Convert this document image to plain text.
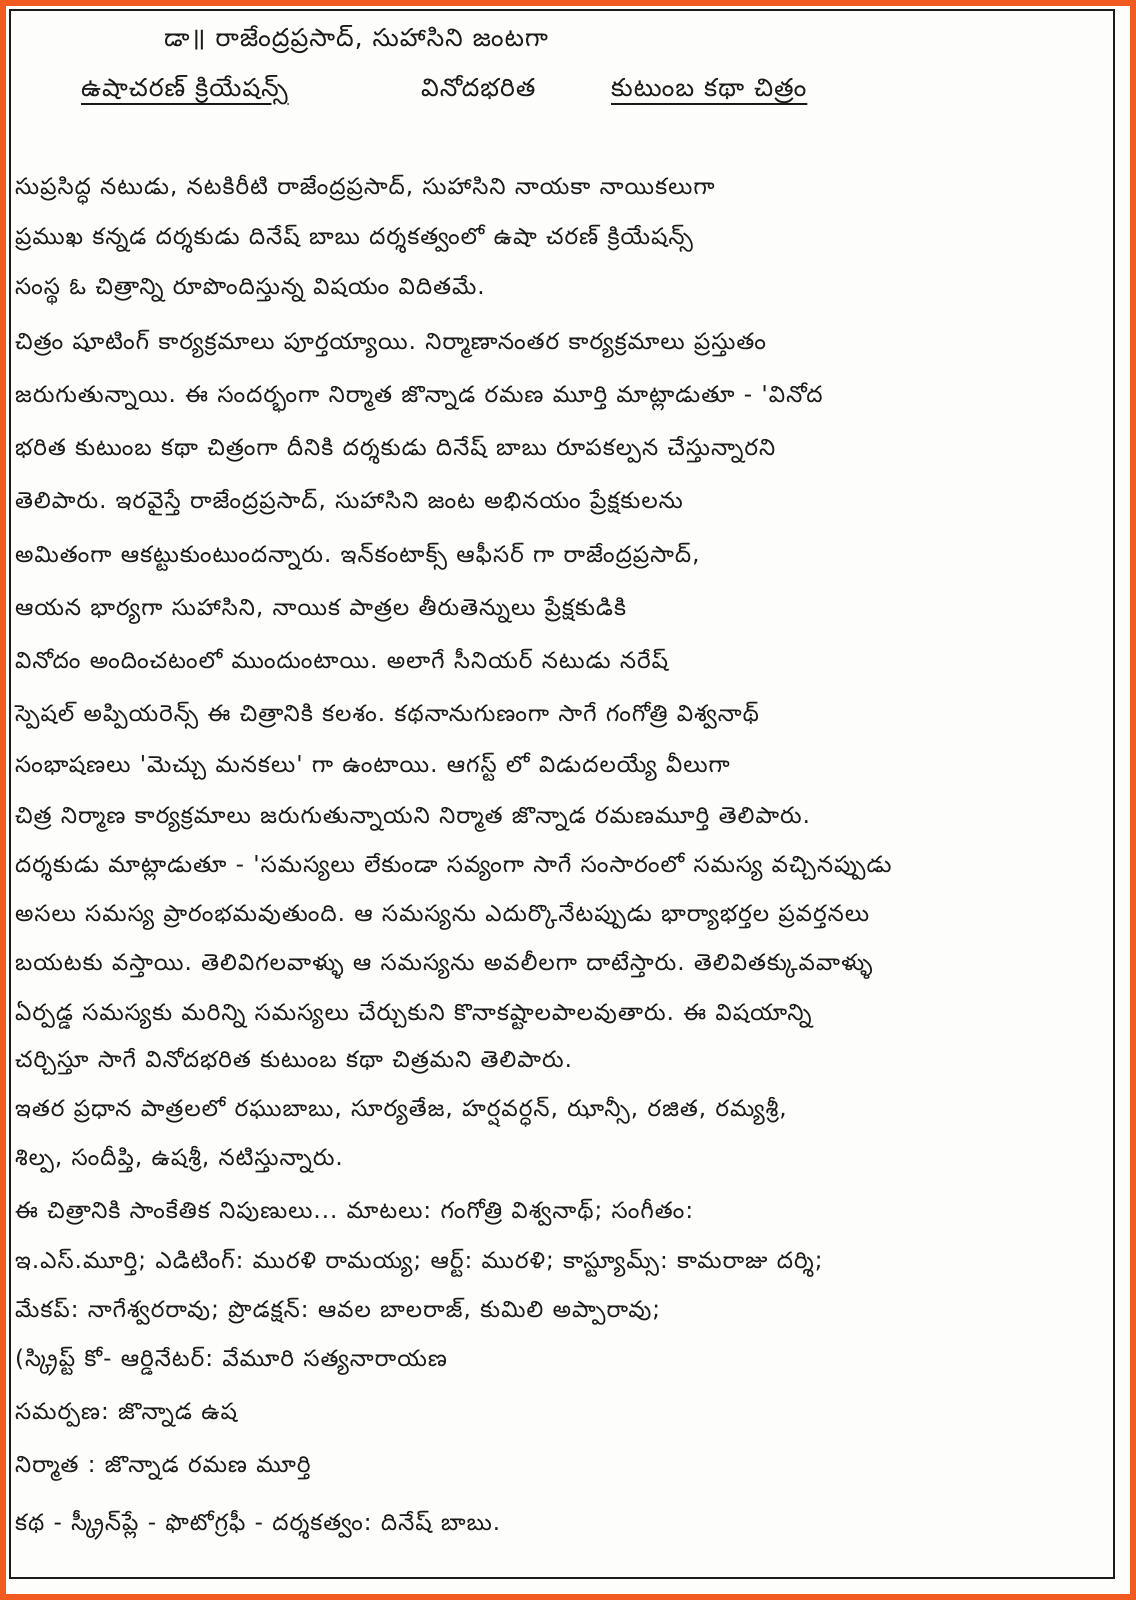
డా॥ రాజేంద్రప్రసాద్, సుహాసిని జంటగా
ఉషాచరణ్ క్రియేషన్స్	వినోదభరిత	కుటుంబ కథా చిత్రం
సుప్రసిద్ధ నటుడు, నటకిరీటి రాజేంద్రప్రసాద్, సుహాసిని నాయకా నాయికలుగా
ప్రముఖ కన్నడ దర్శకుడు దినేష్ బాబు దర్శకత్వంలో ఉషా చరణ్ క్రియేషన్స్
సంస్థ ఓ చిత్రాన్ని రూపొందిస్తున్న విషయం విదితమే.
చిత్రం షూటింగ్ కార్యక్రమాలు పూర్తయ్యాయి. నిర్మాణానంతర కార్యక్రమాలు ప్రస్తుతం
జరుగుతున్నాయి. ఈ సందర్భంగా నిర్మాత జొన్నాడ రమణ మూర్తి మాట్లాడుతూ - 'వినోద
భరిత కుటుంబ కథా చిత్రంగా దీనికి దర్శకుడు దినేష్ బాబు రూపకల్పన చేస్తున్నారని
తెలిపారు. ఇరవైస్తే రాజేంద్రప్రసాద్, సుహాసిని జంట అభినయం ప్రేక్షకులను
అమితంగా ఆకట్టుకుంటుందన్నారు. ఇన్‌కంటాక్స్ ఆఫీసర్ గా రాజేంద్రప్రసాద్,
ఆయన భార్యగా సుహాసిని, నాయిక పాత్రల తీరుతెన్నులు ప్రేక్షకుడికి
వినోదం అందించటంలో ముందుంటాయి. అలాగే సీనియర్ నటుడు నరేష్
స్పెషల్ అప్పియరెన్స్ ఈ చిత్రానికి కలశం. కథనానుగుణంగా సాగే గంగోత్రి విశ్వనాథ్
సంభాషణలు 'మెచ్చు మనకలు' గా ఉంటాయి. ఆగస్ట్ లో విడుదలయ్యే వీలుగా
చిత్ర నిర్మాణ కార్యక్రమాలు జరుగుతున్నాయని నిర్మాత జొన్నాడ రమణమూర్తి తెలిపారు.
దర్శకుడు మాట్లాడుతూ - 'సమస్యలు లేకుండా సవ్యంగా సాగే సంసారంలో సమస్య వచ్చినప్పుడు
అసలు సమస్య ప్రారంభమవుతుంది. ఆ సమస్యను ఎదుర్కొనేటప్పుడు భార్యాభర్తల ప్రవర్తనలు
బయటకు వస్తాయి. తెలివిగలవాళ్ళు ఆ సమస్యను అవలీలగా దాటేస్తారు. తెలివితక్కువవాళ్ళు
ఏర్పడ్డ సమస్యకు మరిన్ని సమస్యలు చేర్చుకుని కొనాకష్టాలపాలవుతారు. ఈ విషయాన్ని
చర్చిస్తూ సాగే వినోదభరిత కుటుంబ కథా చిత్రమని తెలిపారు.
ఇతర ప్రధాన పాత్రలలో రఘుబాబు, సూర్యతేజ, హర్షవర్ధన్, ఝాన్సీ, రజిత, రమ్యశ్రీ,
శిల్ప, సందీప్తి, ఉషశ్రీ, నటిస్తున్నారు.
ఈ చిత్రానికి సాంకేతిక నిపుణులు... మాటలు: గంగోత్రి విశ్వనాథ్; సంగీతం:
ఇ.ఎస్.మూర్తి; ఎడిటింగ్: మురళి రామయ్య; ఆర్ట్: మురళి; కాస్ట్యూమ్స్: కామరాజు దర్శి;
మేకప్: నాగేశ్వరరావు; ప్రొడక్షన్: ఆవల బాలరాజ్, కుమిలి అప్పారావు;
(స్క్రిప్ట్ కో- ఆర్డినేటర్: వేమూరి సత్యనారాయణ
సమర్పణ: జొన్నాడ ఉష
నిర్మాత : జొన్నాడ రమణ మూర్తి
కథ - స్క్రీన్‌ప్లే - ఫొటోగ్రఫీ - దర్శకత్వం: దినేష్ బాబు.
